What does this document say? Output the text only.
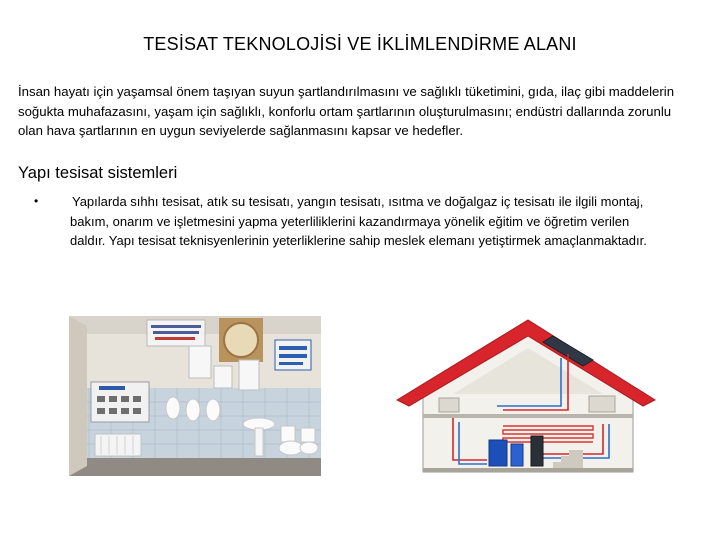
TESİSAT TEKNOLOJİSİ VE İKLİMLENDİRME ALANI
İnsan hayatı için yaşamsal önem taşıyan suyun şartlandırılmasını ve sağlıklı tüketimini, gıda, ilaç gibi maddelerin soğukta muhafazasını, yaşam için sağlıklı, konforlu ortam şartlarının oluşturulmasını; endüstri dallarında zorunlu olan hava şartlarının en uygun seviyelerde sağlanmasını kapsar ve hedefler.
Yapı tesisat sistemleri
•	Yapılarda sıhhı tesisat, atık su tesisatı, yangın tesisatı, ısıtma ve doğalgaz iç tesisatı ile ilgili montaj, bakım, onarım ve işletmesini yapma yeterliliklerini kazandırmaya yönelik eğitim ve öğretim verilen daldır. Yapı tesisat teknisyenlerinin yeterliklerine sahip meslek elemanı yetiştirmek amaçlanmaktadır.
